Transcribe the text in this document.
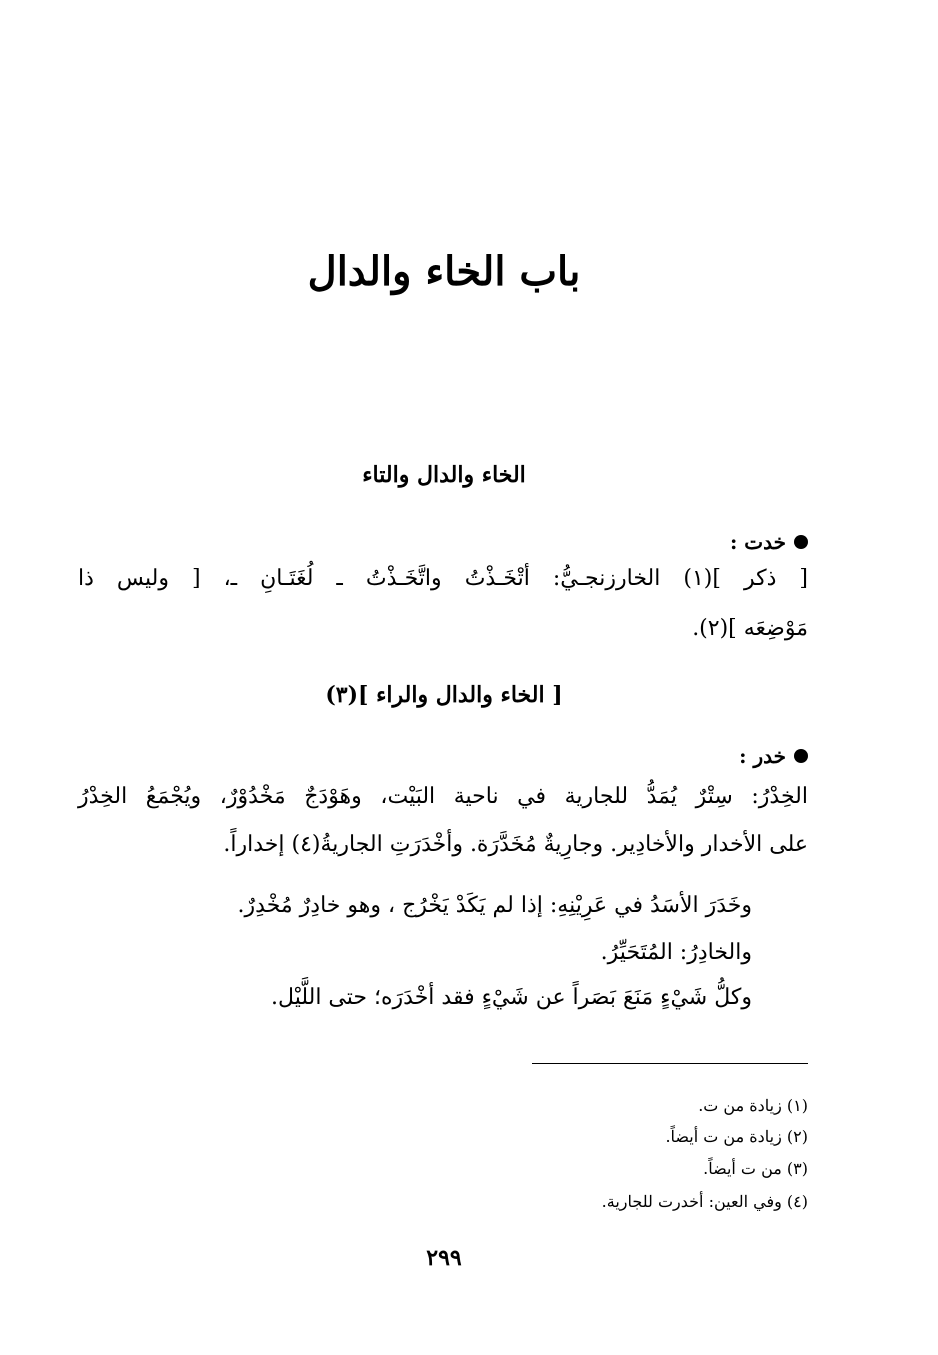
باب الخاء والدال
الخاء والدال والتاء
خدت :
[ ذكر ](١) الخارزنجـيُّ: أتْخَـذْتُ واتَّخَـذْتُ ـ لُغَتَـانِ ـ، [ وليس ذا
مَوْضِعَه ](٢).
[ الخاء والدال والراء ](٣)
خدر :
الخِدْرُ: سِتْرٌ يُمَدُّ للجارية في ناحية البَيْت، وهَوْدَجٌ مَخْدُوْرٌ، ويُجْمَعُ الخِدْرُ
على الأخدار والأخادِير. وجارِيةٌ مُخَدَّرَة. وأخْدَرَتِ الجاريةُ(٤) إخداراً.
وخَدَرَ الأسَدُ في عَرِيْنِهِ: إذا لم يَكَدْ يَخْرُج ، وهو خادِرٌ مُخْدِرٌ.
والخادِرُ: المُتَحَيِّرُ.
وكلُّ شَيْءٍ مَنَعَ بَصَراً عن شَيْءٍ فقد أخْدَرَه؛ حتى اللَّيْل.
(١) زيادة من ت.
(٢) زيادة من ت أيضاً.
(٣) من ت أيضاً.
(٤) وفي العين: أخدرت للجارية.
٢٩٩
